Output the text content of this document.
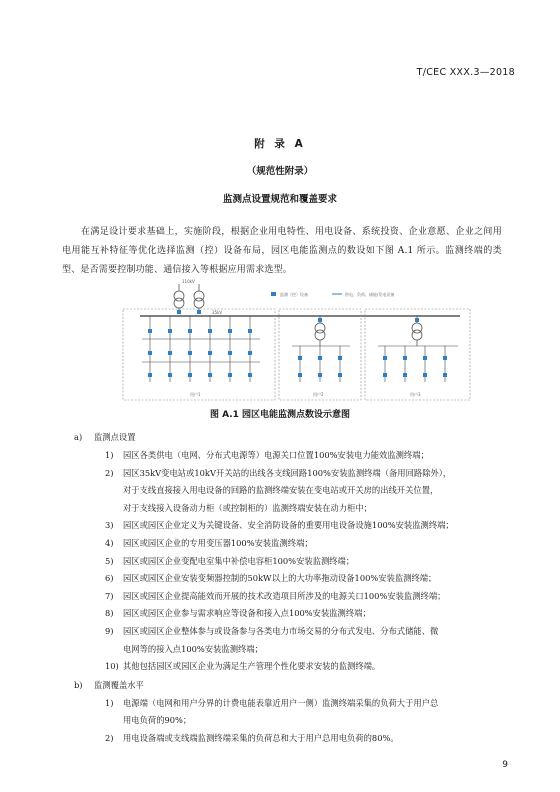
T/CEC XXX.3—2018
附 录 A
（规范性附录）
监测点设置规范和覆盖要求

在满足设计要求基础上，实施阶段，根据企业用电特性、用电设备、系统投资、企业意愿、企业之间用电用能互补特征等优化选择监测（控）设备布局，园区电能监测点的数设如下图 A.1 所示。监测终端的类型、是否需要控制功能、通信接入等根据应用需求选型。

110kV
35kV
监测（控）设备	供电、负荷、储能/发电设备
用户1	用户2	用户3
图 A.1 园区电能监测点数设示意图
a) 监测点设置
1)	园区各类供电（电网、分布式电源等）电源关口位置100%安装电力能效监测终端；
2)	园区35kV变电站或10kV开关站的出线各支线回路100%安装监测终端（备用回路除外），
对于支线直接接入用电设备的回路的监测终端安装在变电站或开关房的出线开关位置，
对于支线接入设备动力柜（或控制柜的）监测终端安装在动力柜中；
3)	园区或园区企业定义为关键设备、安全消防设备的重要用电设备设施100%安装监测终端；
4)	园区或园区企业的专用变压器100%安装监测终端；
5)	园区或园区企业变配电室集中补偿电容柜100%安装监测终端；
6)	园区或园区企业安装变频器控制的50kW以上的大功率拖动设备100%安装监测终端；
7)	园区或园区企业提高能效而开展的技术改造项目所涉及的电源关口100%安装监测终端；
8)	园区或园区企业参与需求响应等设备和接入点100%安装监测终端；
9)	园区或园区企业整体参与或设备参与各类电力市场交易的分布式发电、分布式储能、微
电网等的接入点100%安装监测终端；
10) 其他包括园区或园区企业为满足生产管理个性化要求安装的监测终端。
b) 监测覆盖水平
1)	电源端（电网和用户分界的计费电能表靠近用户一侧）监测终端采集的负荷大于用户总
用电负荷的90%；
2)	用电设备端或支线端监测终端采集的负荷总和大于用户总用电负荷的80%。
9
